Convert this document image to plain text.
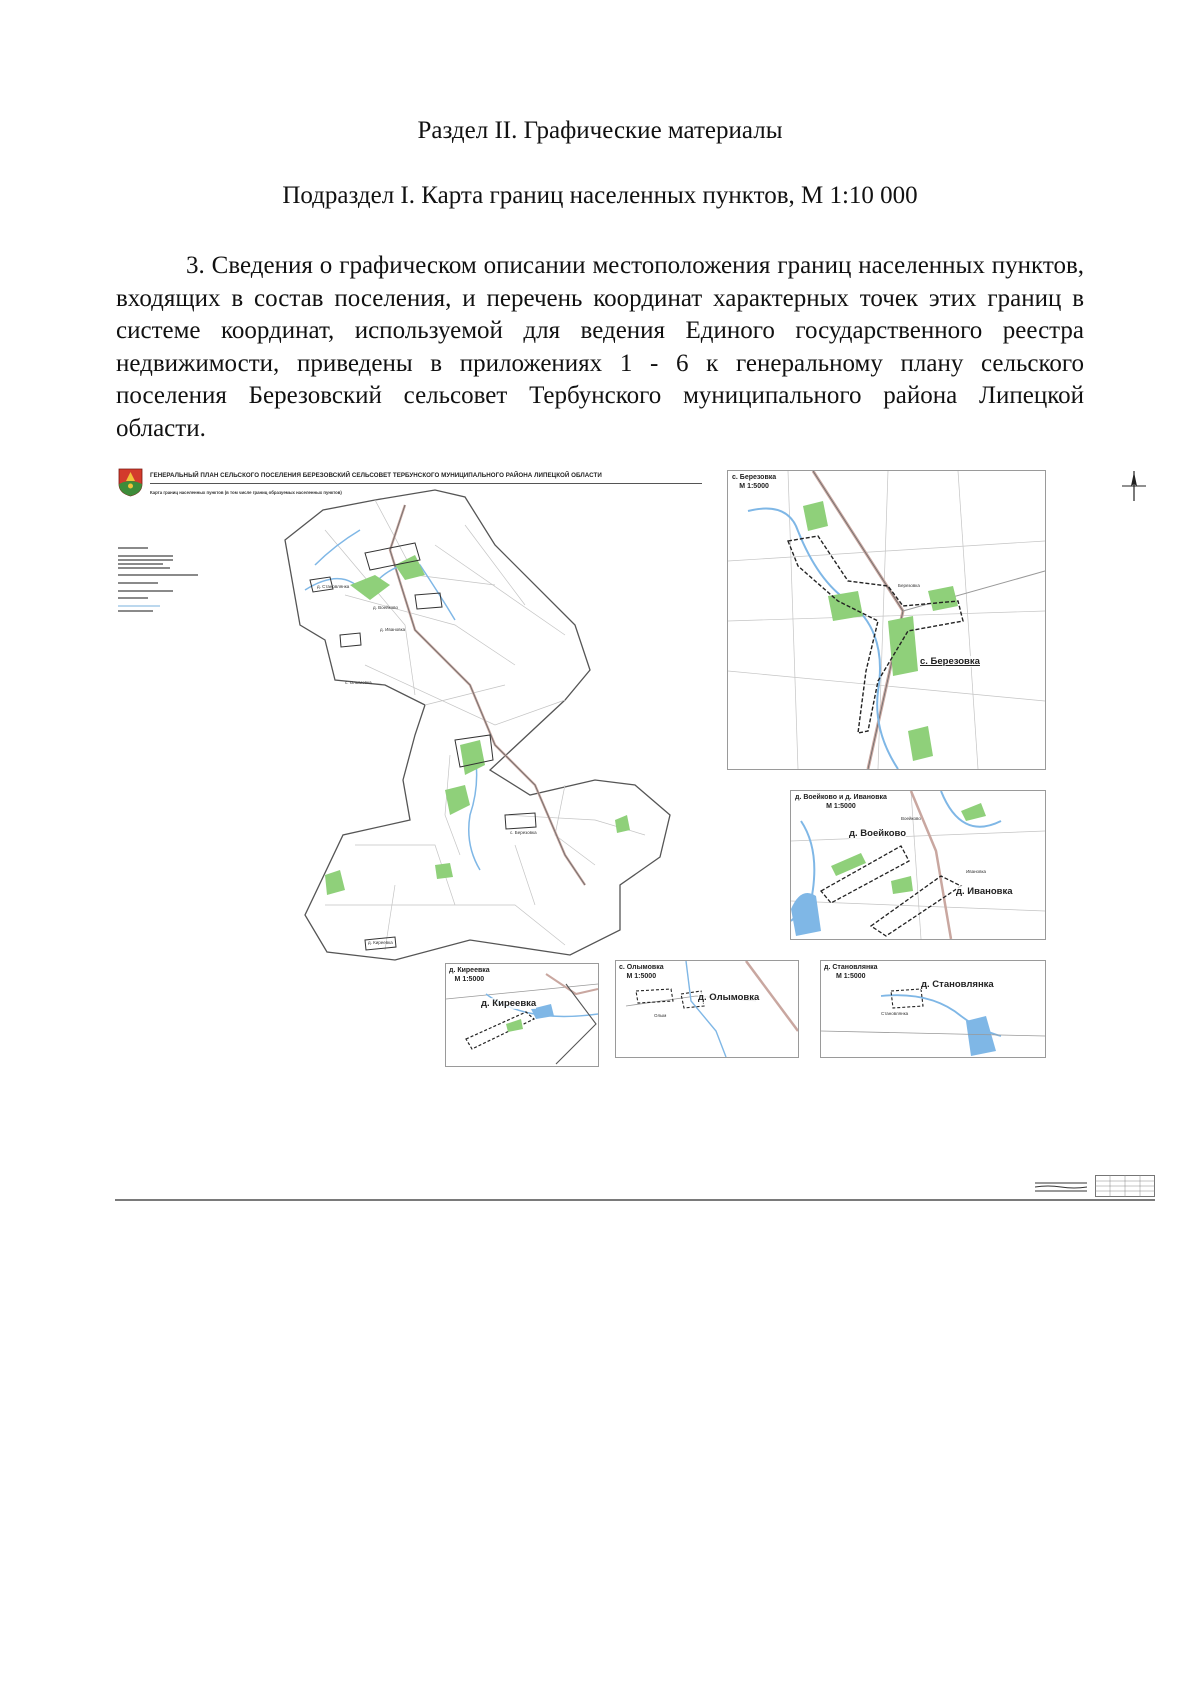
Раздел II. Графические материалы
Подраздел I. Карта границ населенных пунктов, М 1:10 000

3. Сведения о графическом описании местоположения границ населенных пунктов, входящих в состав поселения, и перечень координат характерных точек этих границ в системе координат, используемой для ведения Единого государственного реестра недвижимости, приведены в приложениях 1 - 6 к генеральному плану сельского поселения Березовский сельсовет Тербунского муниципального района Липецкой области.

ГЕНЕРАЛЬНЫЙ ПЛАН СЕЛЬСКОГО ПОСЕЛЕНИЯ БЕРЕЗОВСКИЙ СЕЛЬСОВЕТ ТЕРБУНСКОГО МУНИЦИПАЛЬНОГО РАЙОНА ЛИПЕЦКОЙ ОБЛАСТИ
Карта границ населенных пунктов (в том числе границ образуемых населенных пунктов)
д. Становлянка
д. Воейково
д. Ивановка
с. Олымовка
с. Березовка
д. Киреевка
с. Березовка
М 1:5000
с. Березовка
Березовка
д. Воейково и д. Ивановка
М 1:5000
д. Воейково
д. Ивановка
Воейково
Ивановка
д. Киреевка
М 1:5000
д. Киреевка
с. Олымовка
М 1:5000
д. Олымовка
Олым
д. Становлянка
М 1:5000
д. Становлянка
Становлянка
